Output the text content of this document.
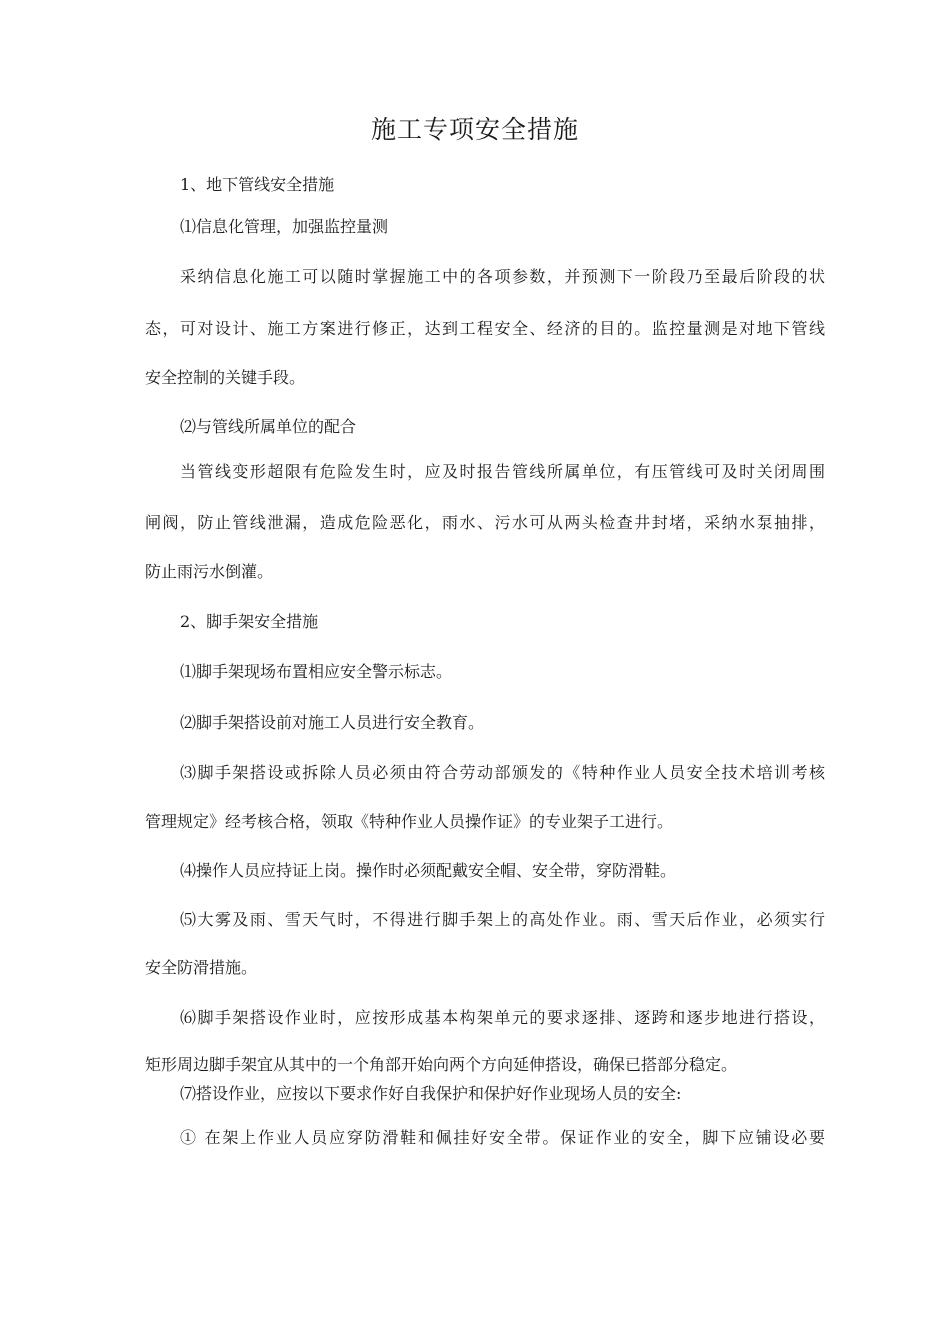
施工专项安全措施
1、地下管线安全措施
⑴信息化管理，加强监控量测
采纳信息化施工可以随时掌握施工中的各项参数，并预测下一阶段乃至最后阶段的状
态，可对设计、施工方案进行修正，达到工程安全、经济的目的。监控量测是对地下管线
安全控制的关键手段。
⑵与管线所属单位的配合
当管线变形超限有危险发生时，应及时报告管线所属单位，有压管线可及时关闭周围
闸阀，防止管线泄漏，造成危险恶化，雨水、污水可从两头检查井封堵，采纳水泵抽排，
防止雨污水倒灌。
2、脚手架安全措施
⑴脚手架现场布置相应安全警示标志。
⑵脚手架搭设前对施工人员进行安全教育。
⑶脚手架搭设或拆除人员必须由符合劳动部颁发的《特种作业人员安全技术培训考核
管理规定》经考核合格，领取《特种作业人员操作证》的专业架子工进行。
⑷操作人员应持证上岗。操作时必须配戴安全帽、安全带，穿防滑鞋。
⑸大雾及雨、雪天气时，不得进行脚手架上的高处作业。雨、雪天后作业，必须实行
安全防滑措施。
⑹脚手架搭设作业时，应按形成基本构架单元的要求逐排、逐跨和逐步地进行搭设，
矩形周边脚手架宜从其中的一个角部开始向两个方向延伸搭设，确保已搭部分稳定。
⑺搭设作业，应按以下要求作好自我保护和保护好作业现场人员的安全:
① 在架上作业人员应穿防滑鞋和佩挂好安全带。保证作业的安全，脚下应铺设必要
